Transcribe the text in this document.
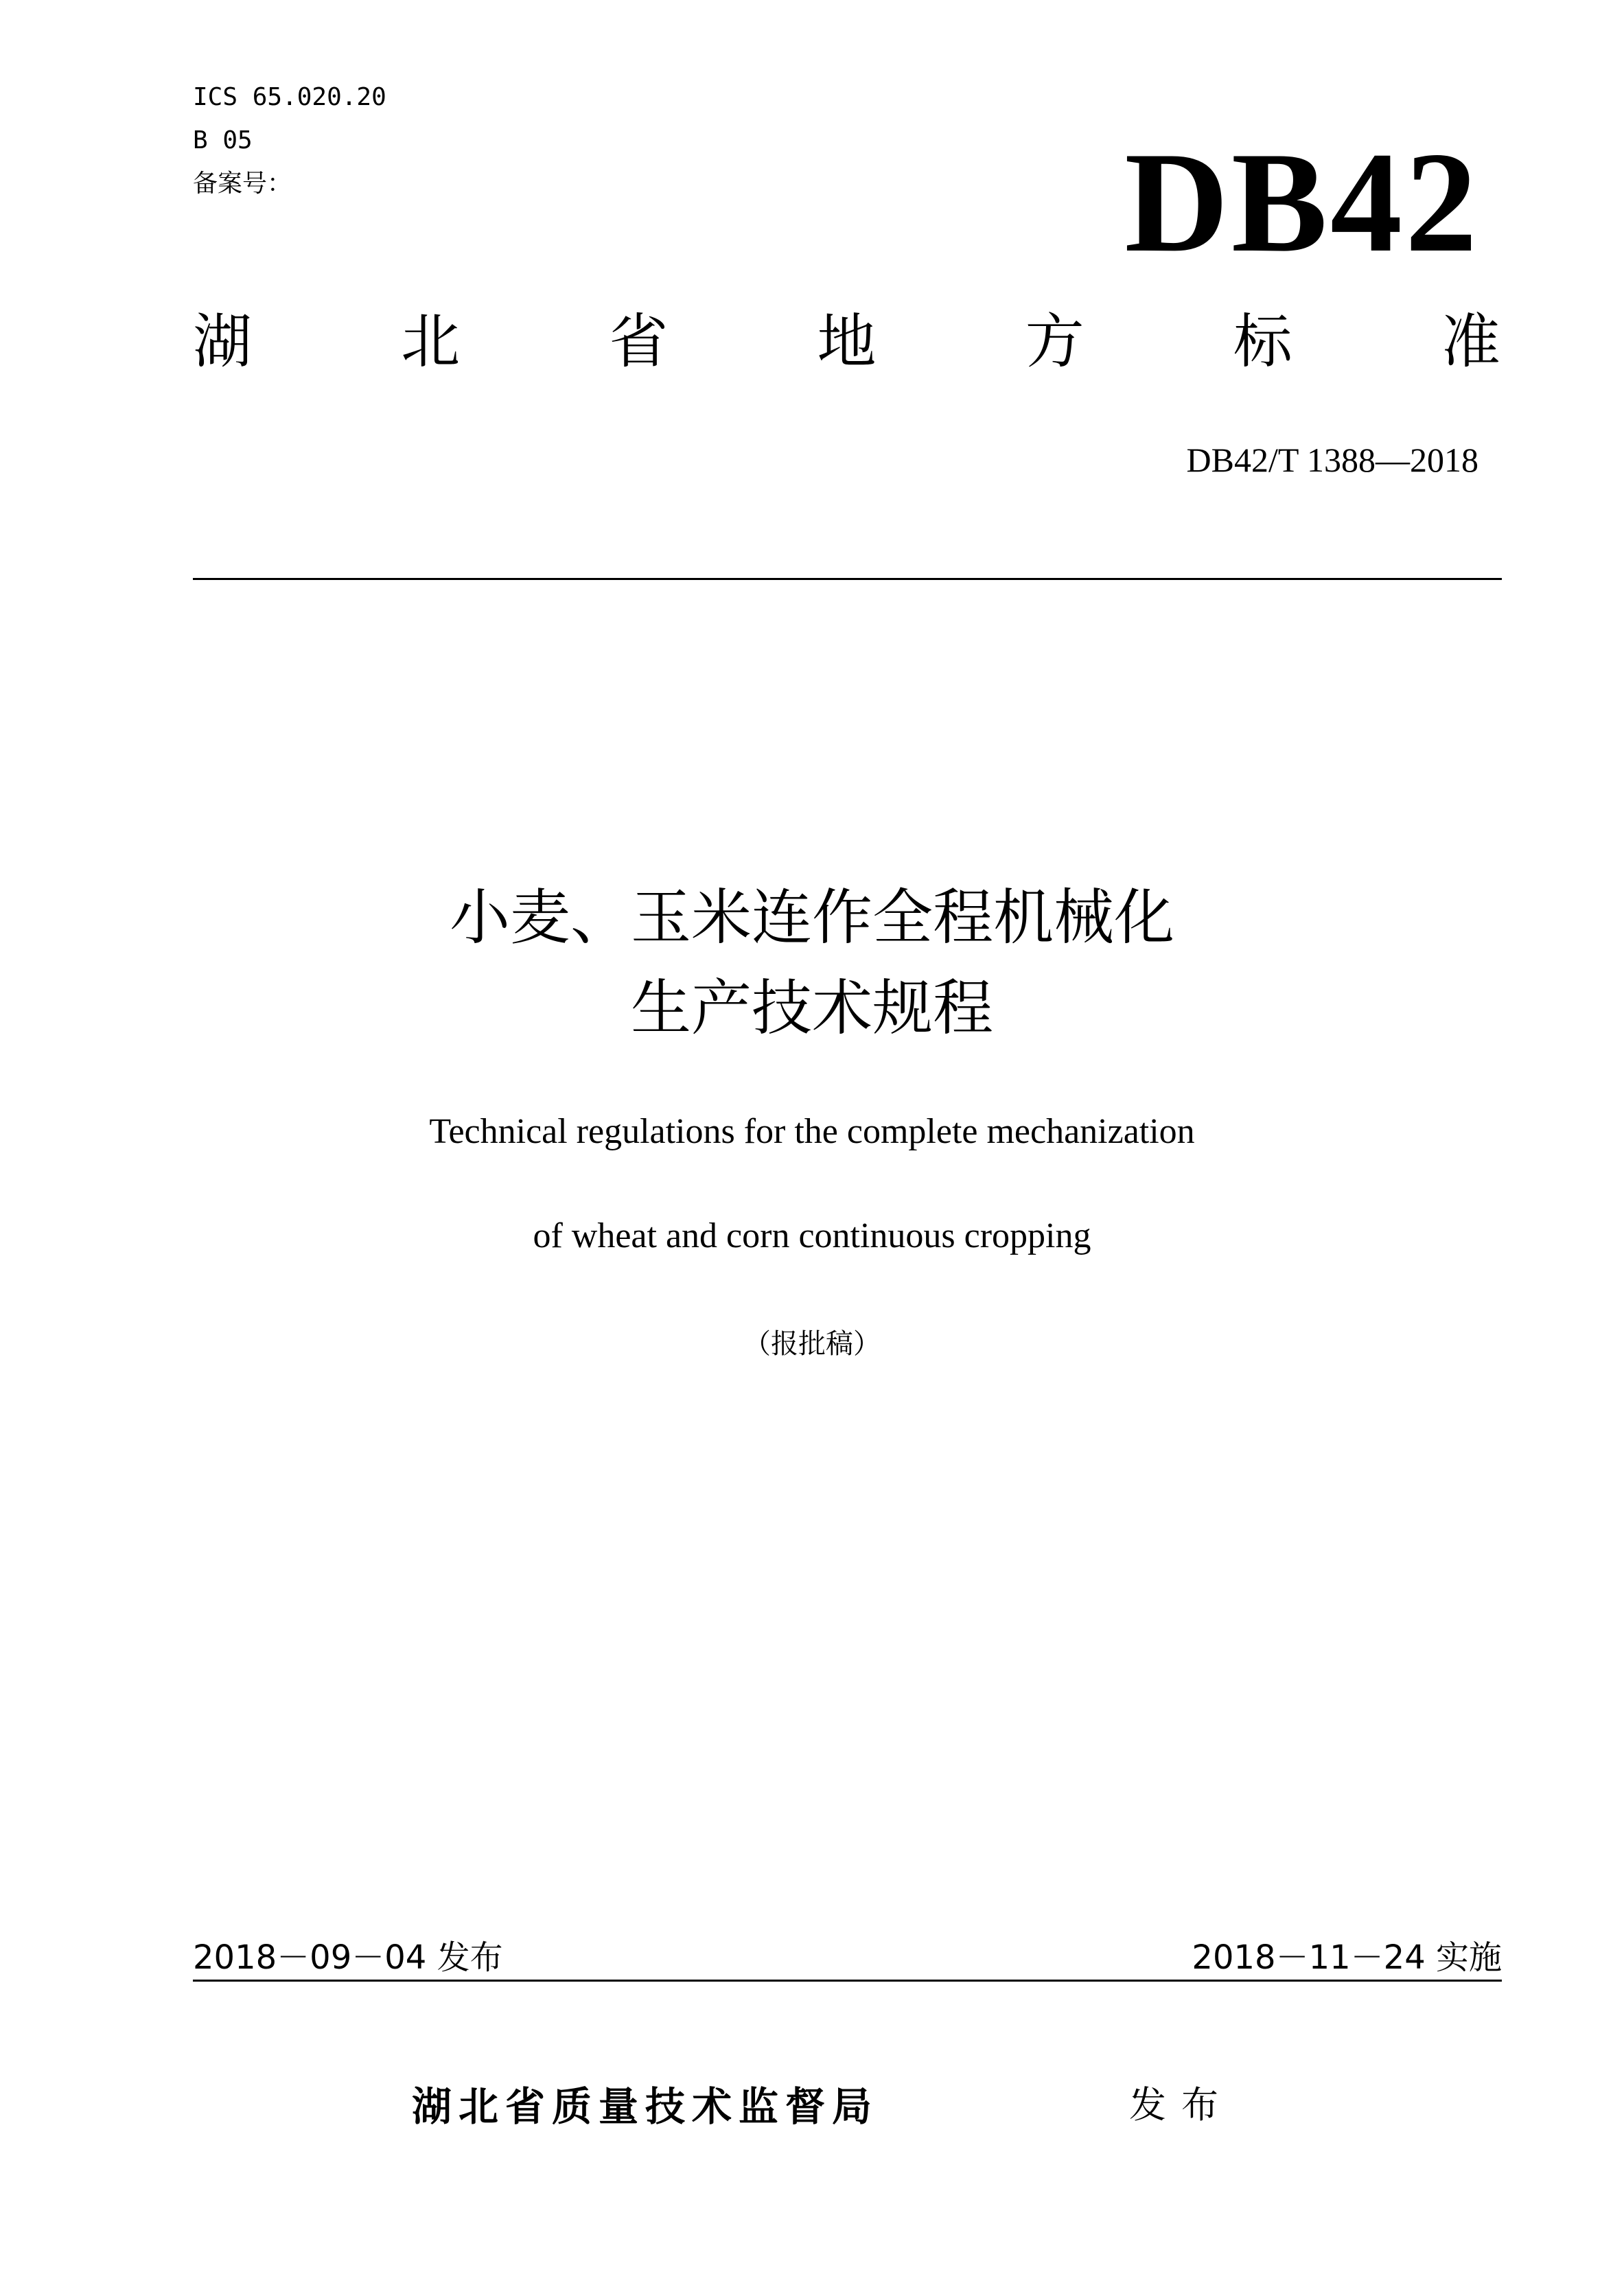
ICS 65.020.20
B 05
备案号：	DB42
湖	北	省	地	方	标	准
DB42/T 1388—2018
小麦、玉米连作全程机械化
生产技术规程
Technical regulations for the complete mechanization
of wheat and corn continuous cropping
（报批稿）
2018－09－04 发布	2018－11－24 实施
湖北省质量技术监督局	发布
